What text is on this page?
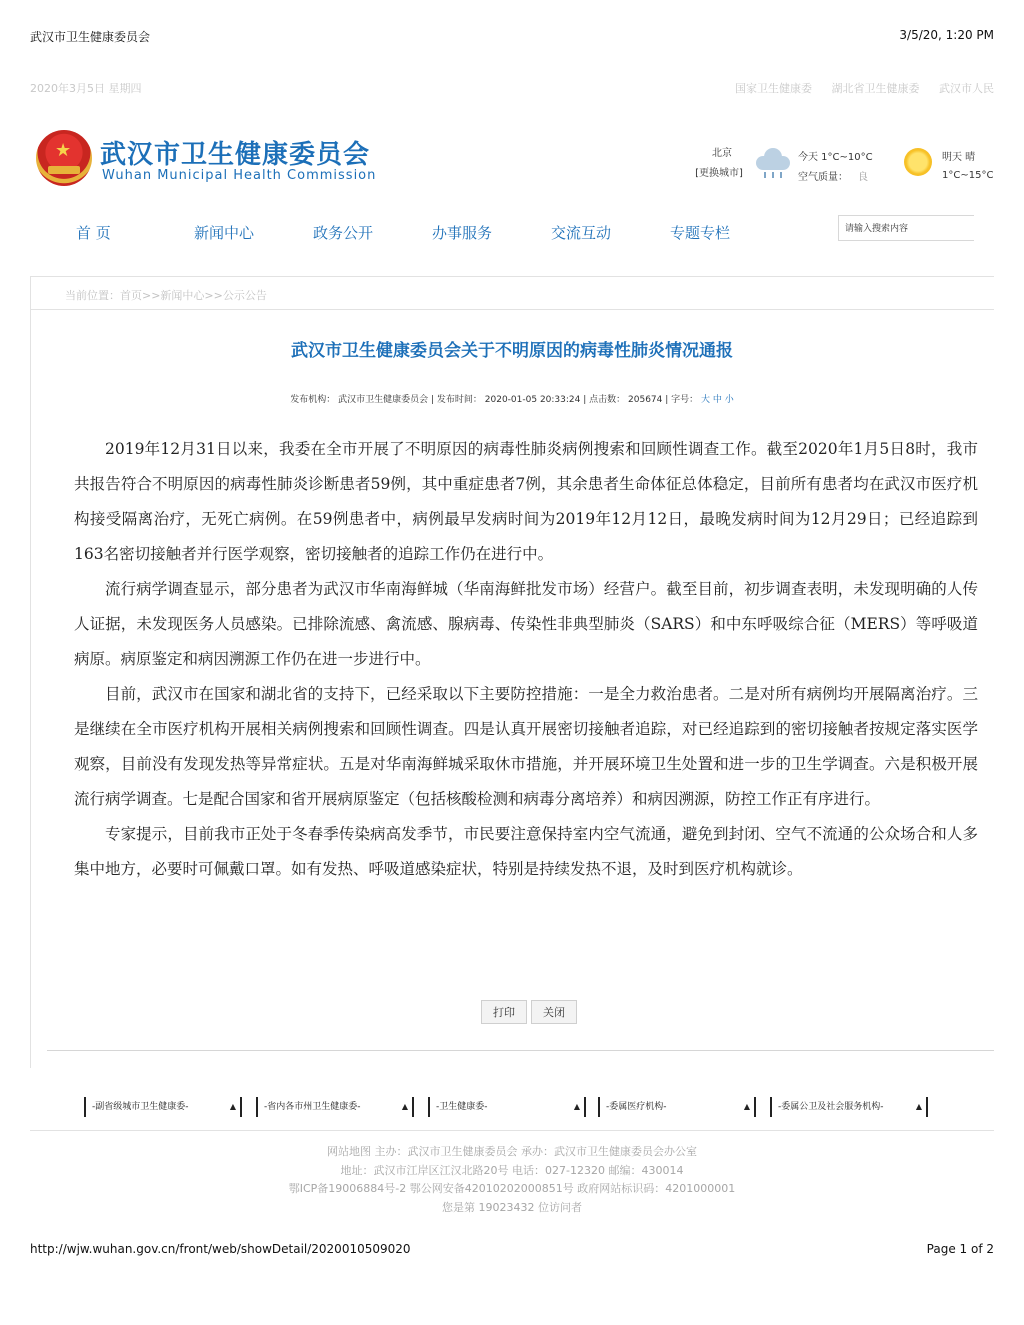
武汉市卫生健康委员会	3/5/20, 1:20 PM
2020年3月5日 星期四	国家卫生健康委 湖北省卫生健康委 武汉市人民
★ 武汉市卫生健康委员会
Wuhan Municipal Health Commission
北京
[更换城市]
今天 1°C~10°C
空气质量： 良
明天 晴
1°C~15°C
首 页	新闻中心	政务公开	办事服务	交流互动	专题专栏	请输入搜索内容
当前位置：首页>>新闻中心>>公示公告
武汉市卫生健康委员会关于不明原因的病毒性肺炎情况通报
发布机构： 武汉市卫生健康委员会 | 发布时间： 2020-01-05 20:33:24 | 点击数： 205674 | 字号： 大 中 小

2019年12月31日以来，我委在全市开展了不明原因的病毒性肺炎病例搜索和回顾性调查工作。截至2020年1月5日8时，我市共报告符合不明原因的病毒性肺炎诊断患者59例，其中重症患者7例，其余患者生命体征总体稳定，目前所有患者均在武汉市医疗机构接受隔离治疗，无死亡病例。在59例患者中，病例最早发病时间为2019年12月12日，最晚发病时间为12月29日；已经追踪到163名密切接触者并行医学观察，密切接触者的追踪工作仍在进行中。

流行病学调查显示，部分患者为武汉市华南海鲜城（华南海鲜批发市场）经营户。截至目前，初步调查表明，未发现明确的人传人证据，未发现医务人员感染。已排除流感、禽流感、腺病毒、传染性非典型肺炎（SARS）和中东呼吸综合征（MERS）等呼吸道病原。病原鉴定和病因溯源工作仍在进一步进行中。

目前，武汉市在国家和湖北省的支持下，已经采取以下主要防控措施：一是全力救治患者。二是对所有病例均开展隔离治疗。三是继续在全市医疗机构开展相关病例搜索和回顾性调查。四是认真开展密切接触者追踪，对已经追踪到的密切接触者按规定落实医学观察，目前没有发现发热等异常症状。五是对华南海鲜城采取休市措施，并开展环境卫生处置和进一步的卫生学调查。六是积极开展流行病学调查。七是配合国家和省开展病原鉴定（包括核酸检测和病毒分离培养）和病因溯源，防控工作正有序进行。

专家提示，目前我市正处于冬春季传染病高发季节，市民要注意保持室内空气流通，避免到封闭、空气不流通的公众场合和人多集中地方，必要时可佩戴口罩。如有发热、呼吸道感染症状，特别是持续发热不退，及时到医疗机构就诊。

打印	关闭
-副省级城市卫生健康委-	▲	-省内各市州卫生健康委-	▲	-卫生健康委-	▲	-委属医疗机构-	▲	-委属公卫及社会服务机构-	▲
网站地图 主办：武汉市卫生健康委员会 承办：武汉市卫生健康委员会办公室
地址：武汉市江岸区江汉北路20号 电话：027-12320 邮编：430014
鄂ICP备19006884号-2 鄂公网安备42010202000851号 政府网站标识码：4201000001
您是第 19023432 位访问者
http://wjw.wuhan.gov.cn/front/web/showDetail/2020010509020	Page 1 of 2
